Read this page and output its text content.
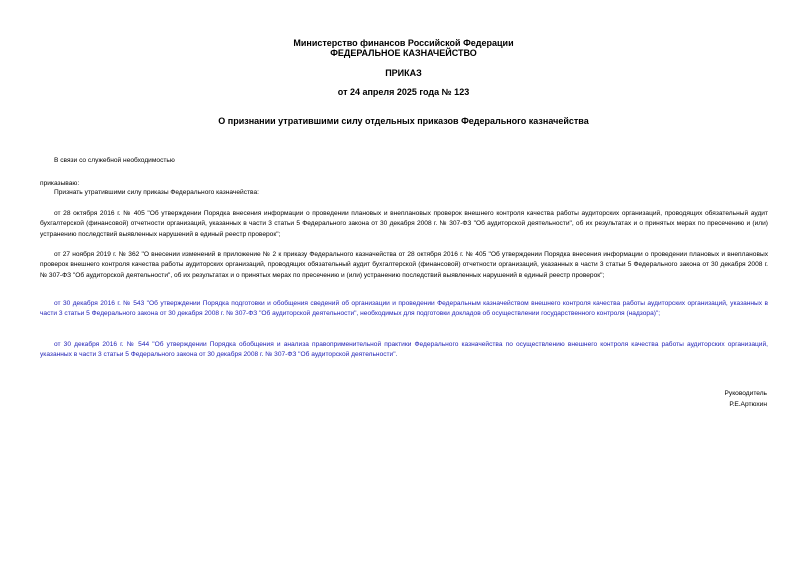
Министерство финансов Российской Федерации
ФЕДЕРАЛЬНОЕ КАЗНАЧЕЙСТВО
ПРИКАЗ
от 24 апреля 2025 года № 123
О признании утратившими силу отдельных приказов Федерального казначейства
В связи со служебной необходимостью
приказываю:
Признать утратившими силу приказы Федерального казначейства:
от 28 октября 2016 г. № 405 "Об утверждении Порядка внесения информации о проведении плановых и внеплановых проверок внешнего контроля качества работы аудиторских организаций, проводящих обязательный аудит бухгалтерской (финансовой) отчетности организаций, указанных в части 3 статьи 5 Федерального закона от 30 декабря 2008 г. № 307-ФЗ "Об аудиторской деятельности", об их результатах и о принятых мерах по пресечению и (или) устранению последствий выявленных нарушений в единый реестр проверок";
от 27 ноября 2019 г. № 362 "О внесении изменений в приложение № 2 к приказу Федерального казначейства от 28 октября 2016 г. № 405 "Об утверждении Порядка внесения информации о проведении плановых и внеплановых проверок внешнего контроля качества работы аудиторских организаций, проводящих обязательный аудит бухгалтерской (финансовой) отчетности организаций, указанных в части 3 статьи 5 Федерального закона от 30 декабря 2008 г. № 307-ФЗ "Об аудиторской деятельности", об их результатах и о принятых мерах по пресечению и (или) устранению последствий выявленных нарушений в единый реестр проверок";
от 30 декабря 2016 г. № 543 "Об утверждении Порядка подготовки и обобщения сведений об организации и проведении Федеральным казначейством внешнего контроля качества работы аудиторских организаций, указанных в части 3 статьи 5 Федерального закона от 30 декабря 2008 г. № 307-ФЗ "Об аудиторской деятельности", необходимых для подготовки докладов об осуществлении государственного контроля (надзора)";
от 30 декабря 2016 г. № 544 "Об утверждении Порядка обобщения и анализа правоприменительной практики Федерального казначейства по осуществлению внешнего контроля качества работы аудиторских организаций, указанных в части 3 статьи 5 Федерального закона от 30 декабря 2008 г. № 307-ФЗ "Об аудиторской деятельности".
Руководитель
Р.Е.Артюхин
